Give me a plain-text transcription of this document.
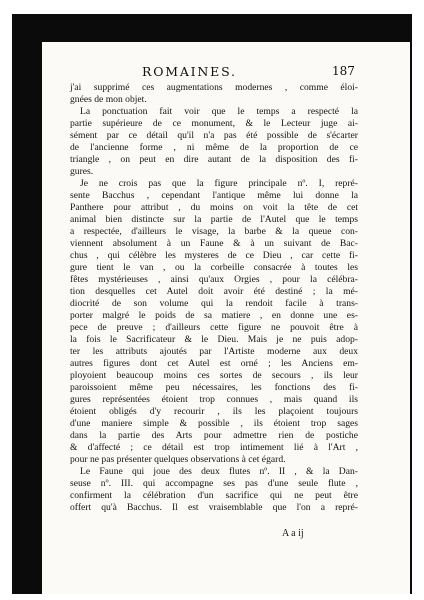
ROMAINES.	187
j'ai supprimé ces augmentations modernes , comme éloi-
gnées de mon objet.
La ponctuation fait voir que le temps a respecté la
partie supérieure de ce monument, & le Lecteur juge ai-
sément par ce détail qu'il n'a pas été possible de s'écarter
de l'ancienne forme , ni même de la proportion de ce
triangle , on peut en dire autant de la disposition des fi-
gures.
Je ne crois pas que la figure principale nº. I, repré-
sente Bacchus , cependant l'antique même lui donne la
Panthere pour attribut , du moins on voit la tête de cet
animal bien distincte sur la partie de l'Autel que le temps
a respectée, d'ailleurs le visage, la barbe & la queue con-
viennent absolument à un Faune & à un suivant de Bac-
chus , qui célèbre les mysteres de ce Dieu , car cette fi-
gure tient le van , ou la corbeille consacrée à toutes les
fêtes mystérieuses , ainsi qu'aux Orgies , pour la célébra-
tion desquelles cet Autel doit avoir été destiné ; la mé-
diocrité de son volume qui la rendoit facile à trans-
porter malgré le poids de sa matiere , en donne une es-
pece de preuve ; d'ailleurs cette figure ne pouvoit être à
la fois le Sacrificateur & le Dieu. Mais je ne puis adop-
ter les attributs ajoutés par l'Artiste moderne aux deux
autres figures dont cet Autel est orné ; les Anciens em-
ployoient beaucoup moins ces sortes de secours , ils leur
paroissoient même peu nécessaires, les fonctions des fi-
gures représentées étoient trop connues , mais quand ils
étoient obligés d'y recourir , ils les plaçoient toujours
d'une maniere simple & possible , ils étoient trop sages
dans la partie des Arts pour admettre rien de postiche
& d'affecté ; ce détail est trop intimement lié à l'Art ,
pour ne pas présenter quelques observations à cet égard.
Le Faune qui joue des deux flutes nº. II , & la Dan-
seuse nº. III. qui accompagne ses pas d'une seule flute ,
confirment la célébration d'un sacrifice qui ne peut être
offert qu'à Bacchus. Il est vraisemblable que l'on a repré-
A a ij
